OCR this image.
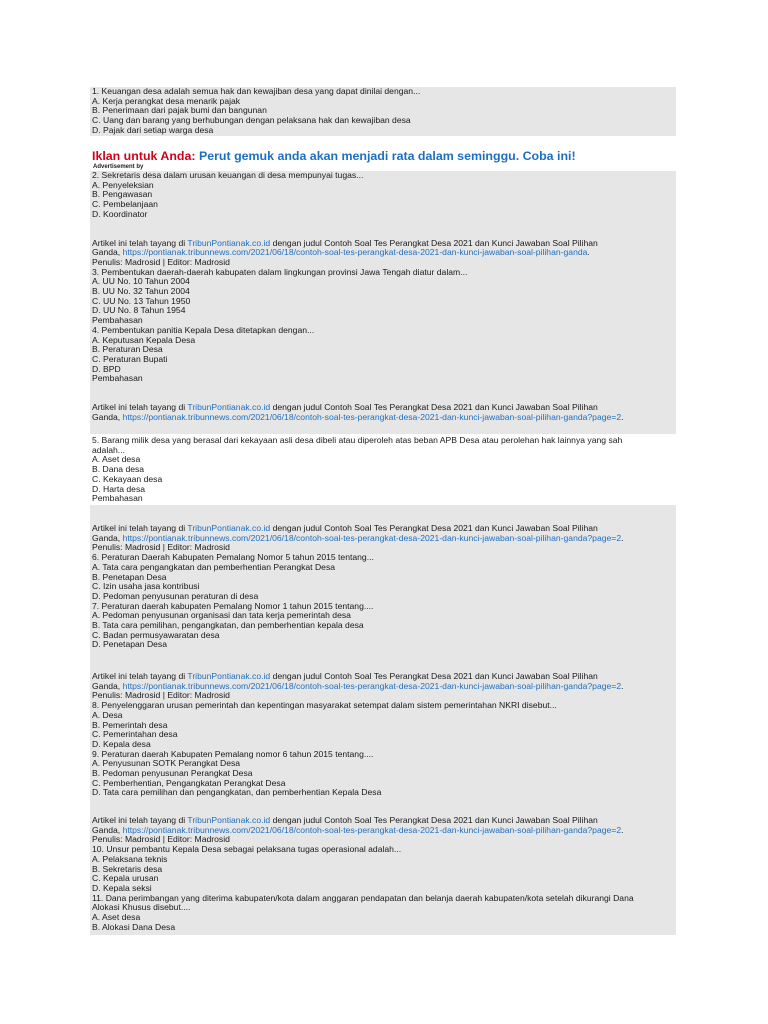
1. Keuangan desa adalah semua hak dan kewajiban desa yang dapat dinilai dengan...
A. Kerja perangkat desa menarik pajak
B. Penerimaan dari pajak bumi dan bangunan
C. Uang dan barang yang berhubungan dengan pelaksana hak dan kewajiban desa
D. Pajak dari setiap warga desa
Iklan untuk Anda: Perut gemuk anda akan menjadi rata dalam seminggu. Coba ini!
Advertisement by
2. Sekretaris desa dalam urusan keuangan di desa mempunyai tugas...
A. Penyeleksian
B. Pengawasan
C. Pembelanjaan
D. Koordinator
Artikel ini telah tayang di TribunPontianak.co.id dengan judul Contoh Soal Tes Perangkat Desa 2021 dan Kunci Jawaban Soal Pilihan
Ganda, https://pontianak.tribunnews.com/2021/06/18/contoh-soal-tes-perangkat-desa-2021-dan-kunci-jawaban-soal-pilihan-ganda.
Penulis: Madrosid | Editor: Madrosid
3. Pembentukan daerah-daerah kabupaten dalam lingkungan provinsi Jawa Tengah diatur dalam...
A. UU No. 10 Tahun 2004
B. UU No. 32 Tahun 2004
C. UU No. 13 Tahun 1950
D. UU No. 8 Tahun 1954
Pembahasan
4. Pembentukan panitia Kepala Desa ditetapkan dengan...
A. Keputusan Kepala Desa
B. Peraturan Desa
C. Peraturan Bupati
D. BPD
Pembahasan
Artikel ini telah tayang di TribunPontianak.co.id dengan judul Contoh Soal Tes Perangkat Desa 2021 dan Kunci Jawaban Soal Pilihan
Ganda, https://pontianak.tribunnews.com/2021/06/18/contoh-soal-tes-perangkat-desa-2021-dan-kunci-jawaban-soal-pilihan-ganda?page=2.
5. Barang milik desa yang berasal dari kekayaan asli desa dibeli atau diperoleh atas beban APB Desa atau perolehan hak lainnya yang sah
adalah...
A. Aset desa
B. Dana desa
C. Kekayaan desa
D. Harta desa
Pembahasan
Artikel ini telah tayang di TribunPontianak.co.id dengan judul Contoh Soal Tes Perangkat Desa 2021 dan Kunci Jawaban Soal Pilihan
Ganda, https://pontianak.tribunnews.com/2021/06/18/contoh-soal-tes-perangkat-desa-2021-dan-kunci-jawaban-soal-pilihan-ganda?page=2.
Penulis: Madrosid | Editor: Madrosid
6. Peraturan Daerah Kabupaten Pemalang Nomor 5 tahun 2015 tentang...
A. Tata cara pengangkatan dan pemberhentian Perangkat Desa
B. Penetapan Desa
C. Izin usaha jasa kontribusi
D. Pedoman penyusunan peraturan di desa
7. Peraturan daerah kabupaten Pemalang Nomor 1 tahun 2015 tentang....
A. Pedoman penyusunan organisasi dan tata kerja pemerintah desa
B. Tata cara pemilihan, pengangkatan, dan pemberhentian kepala desa
C. Badan permusyawaratan desa
D. Penetapan Desa
Artikel ini telah tayang di TribunPontianak.co.id dengan judul Contoh Soal Tes Perangkat Desa 2021 dan Kunci Jawaban Soal Pilihan
Ganda, https://pontianak.tribunnews.com/2021/06/18/contoh-soal-tes-perangkat-desa-2021-dan-kunci-jawaban-soal-pilihan-ganda?page=2.
Penulis: Madrosid | Editor: Madrosid
8. Penyelenggaran urusan pemerintah dan kepentingan masyarakat setempat dalam sistem pemerintahan NKRI disebut...
A. Desa
B. Pemerintah desa
C. Pemerintahan desa
D. Kepala desa
9. Peraturan daerah Kabupaten Pemalang nomor 6 tahun 2015 tentang....
A. Penyusunan SOTK Perangkat Desa
B. Pedoman penyusunan Perangkat Desa
C. Pemberhentian, Pengangkatan Perangkat Desa
D. Tata cara pemilihan dan pengangkatan, dan pemberhentian Kepala Desa
Artikel ini telah tayang di TribunPontianak.co.id dengan judul Contoh Soal Tes Perangkat Desa 2021 dan Kunci Jawaban Soal Pilihan
Ganda, https://pontianak.tribunnews.com/2021/06/18/contoh-soal-tes-perangkat-desa-2021-dan-kunci-jawaban-soal-pilihan-ganda?page=2.
Penulis: Madrosid | Editor: Madrosid
10. Unsur pembantu Kepala Desa sebagai pelaksana tugas operasional adalah...
A. Pelaksana teknis
B. Sekretaris desa
C. Kepala urusan
D. Kepala seksi
11. Dana perimbangan yang diterima kabupaten/kota dalam anggaran pendapatan dan belanja daerah kabupaten/kota setelah dikurangi Dana
Alokasi Khusus disebut....
A. Aset desa
B. Alokasi Dana Desa
